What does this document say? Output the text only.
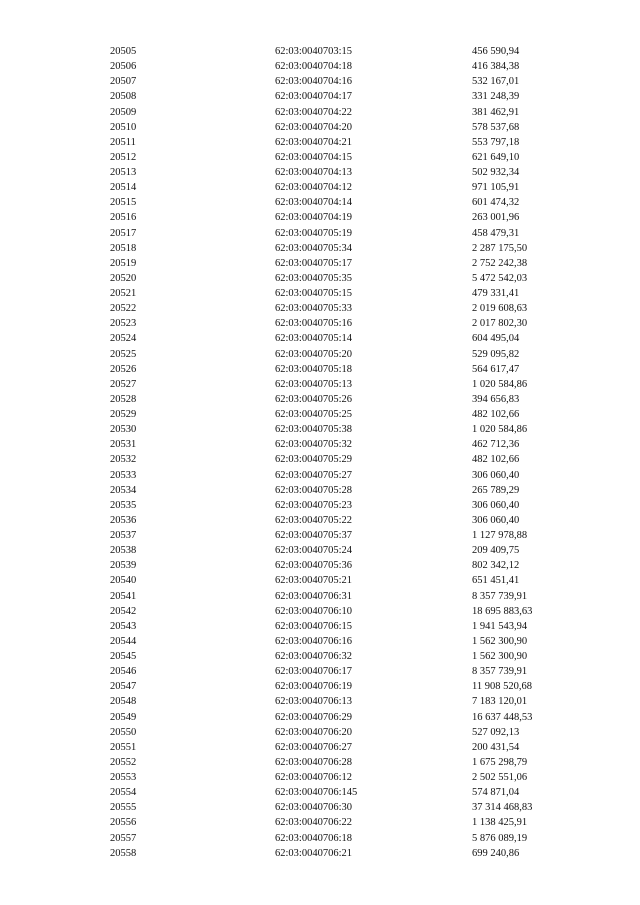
20505	62:03:0040703:15	456 590,94
20506	62:03:0040704:18	416 384,38
20507	62:03:0040704:16	532 167,01
20508	62:03:0040704:17	331 248,39
20509	62:03:0040704:22	381 462,91
20510	62:03:0040704:20	578 537,68
20511	62:03:0040704:21	553 797,18
20512	62:03:0040704:15	621 649,10
20513	62:03:0040704:13	502 932,34
20514	62:03:0040704:12	971 105,91
20515	62:03:0040704:14	601 474,32
20516	62:03:0040704:19	263 001,96
20517	62:03:0040705:19	458 479,31
20518	62:03:0040705:34	2 287 175,50
20519	62:03:0040705:17	2 752 242,38
20520	62:03:0040705:35	5 472 542,03
20521	62:03:0040705:15	479 331,41
20522	62:03:0040705:33	2 019 608,63
20523	62:03:0040705:16	2 017 802,30
20524	62:03:0040705:14	604 495,04
20525	62:03:0040705:20	529 095,82
20526	62:03:0040705:18	564 617,47
20527	62:03:0040705:13	1 020 584,86
20528	62:03:0040705:26	394 656,83
20529	62:03:0040705:25	482 102,66
20530	62:03:0040705:38	1 020 584,86
20531	62:03:0040705:32	462 712,36
20532	62:03:0040705:29	482 102,66
20533	62:03:0040705:27	306 060,40
20534	62:03:0040705:28	265 789,29
20535	62:03:0040705:23	306 060,40
20536	62:03:0040705:22	306 060,40
20537	62:03:0040705:37	1 127 978,88
20538	62:03:0040705:24	209 409,75
20539	62:03:0040705:36	802 342,12
20540	62:03:0040705:21	651 451,41
20541	62:03:0040706:31	8 357 739,91
20542	62:03:0040706:10	18 695 883,63
20543	62:03:0040706:15	1 941 543,94
20544	62:03:0040706:16	1 562 300,90
20545	62:03:0040706:32	1 562 300,90
20546	62:03:0040706:17	8 357 739,91
20547	62:03:0040706:19	11 908 520,68
20548	62:03:0040706:13	7 183 120,01
20549	62:03:0040706:29	16 637 448,53
20550	62:03:0040706:20	527 092,13
20551	62:03:0040706:27	200 431,54
20552	62:03:0040706:28	1 675 298,79
20553	62:03:0040706:12	2 502 551,06
20554	62:03:0040706:145	574 871,04
20555	62:03:0040706:30	37 314 468,83
20556	62:03:0040706:22	1 138 425,91
20557	62:03:0040706:18	5 876 089,19
20558	62:03:0040706:21	699 240,86
